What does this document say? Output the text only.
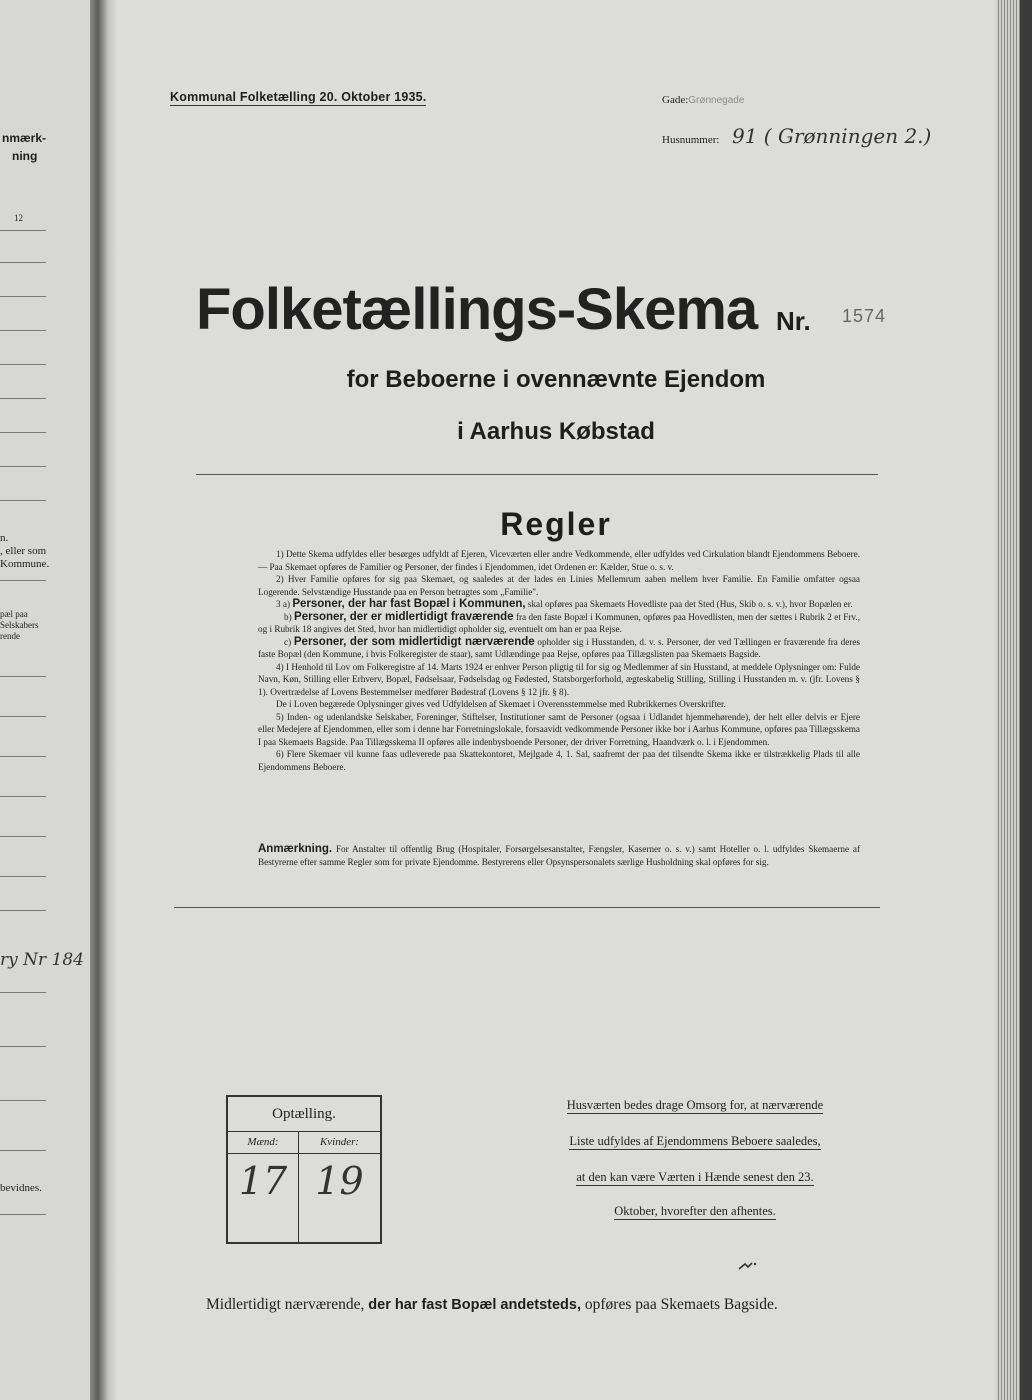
nmærk-
ning
12
n.
, eller som
Kommune.
pæl paa
Selskabers
rende
ry Nr 184
bevidnes.
Kommunal Folketælling 20. Oktober 1935.	Gade:Grønnegade
Husnummer: 91 ( Grønningen 2.)
Folketællings-Skema Nr. 1574
for Beboerne i ovennævnte Ejendom
i Aarhus Købstad
Regler

1) Dette Skema udfyldes eller besørges udfyldt af Ejeren, Viceværten eller andre Vedkommende, eller udfyldes ved Cirkulation blandt Ejendommens Beboere. — Paa Skemaet opføres de Familier og Personer, der findes i Ejendommen, idet Ordenen er: Kælder, Stue o. s. v.

2) Hver Familie opføres for sig paa Skemaet, og saaledes at der lades en Linies Mellemrum aaben mellem hver Familie. En Familie omfatter ogsaa Logerende. Selvstændige Husstande paa en Person betragtes som „Familie".

3 a) Personer, der har fast Bopæl i Kommunen, skal opføres paa Skemaets Hovedliste paa det Sted (Hus, Skib o. s. v.), hvor Bopælen er.

b) Personer, der er midlertidigt fraværende fra den faste Bopæl i Kommunen, opføres paa Hovedlisten, men der sættes i Rubrik 2 et Frv., og i Rubrik 18 angives det Sted, hvor han midlertidigt opholder sig, eventuelt om han er paa Rejse.

c) Personer, der som midlertidigt nærværende opholder sig i Husstanden, d. v. s. Personer, der ved Tællingen er fraværende fra deres faste Bopæl (den Kommune, i hvis Folkeregister de staar), samt Udlændinge paa Rejse, opføres paa Tillægslisten paa Skemaets Bagside.

4) I Henhold til Lov om Folkeregistre af 14. Marts 1924 er enhver Person pligtig til for sig og Medlemmer af sin Husstand, at meddele Oplysninger om: Fulde Navn, Køn, Stilling eller Erhverv, Bopæl, Fødselsaar, Fødselsdag og Fødested, Statsborgerforhold, ægteskabelig Stilling, Stilling i Husstanden m. v. (jfr. Lovens § 1). Overtrædelse af Lovens Bestemmelser medfører Bødestraf (Lovens § 12 jfr. § 8).

De i Loven begærede Oplysninger gives ved Udfyldelsen af Skemaet i Overensstemmelse med Rubrikkernes Overskrifter.

5) Inden- og udenlandske Selskaber, Foreninger, Stiftelser, Institutioner samt de Personer (ogsaa i Udlandet hjemmehørende), der helt eller delvis er Ejere eller Medejere af Ejendommen, eller som i denne har Forretningslokale, forsaavidt vedkommende Personer ikke bor i Aarhus Kommune, opføres paa Tillægsskema I paa Skemaets Bagside. Paa Tillægsskema II opføres alle indenbysboende Personer, der driver Forretning, Haandværk o. l. i Ejendommen.

6) Flere Skemaer vil kunne faas udleverede paa Skattekontoret, Mejlgade 4, 1. Sal, saafremt der paa det tilsendte Skema ikke er tilstrækkelig Plads til alle Ejendommens Beboere.

Anmærkning. For Anstalter til offentlig Brug (Hospitaler, Forsørgelsesanstalter, Fængsler, Kaserner o. s. v.) samt Hoteller o. l. udfyldes Skemaerne af Bestyrerne efter samme Regler som for private Ejendomme. Bestyrerens eller Opsynspersonalets særlige Husholdning skal opføres for sig.

Optælling.
Mænd:	Kvinder:
17 19
Husværten bedes drage Omsorg for, at nærværende
Liste udfyldes af Ejendommens Beboere saaledes,
at den kan være Værten i Hænde senest den 23.
Oktober, hvorefter den afhentes.
Midlertidigt nærværende, der har fast Bopæl andetsteds, opføres paa Skemaets Bagside.
